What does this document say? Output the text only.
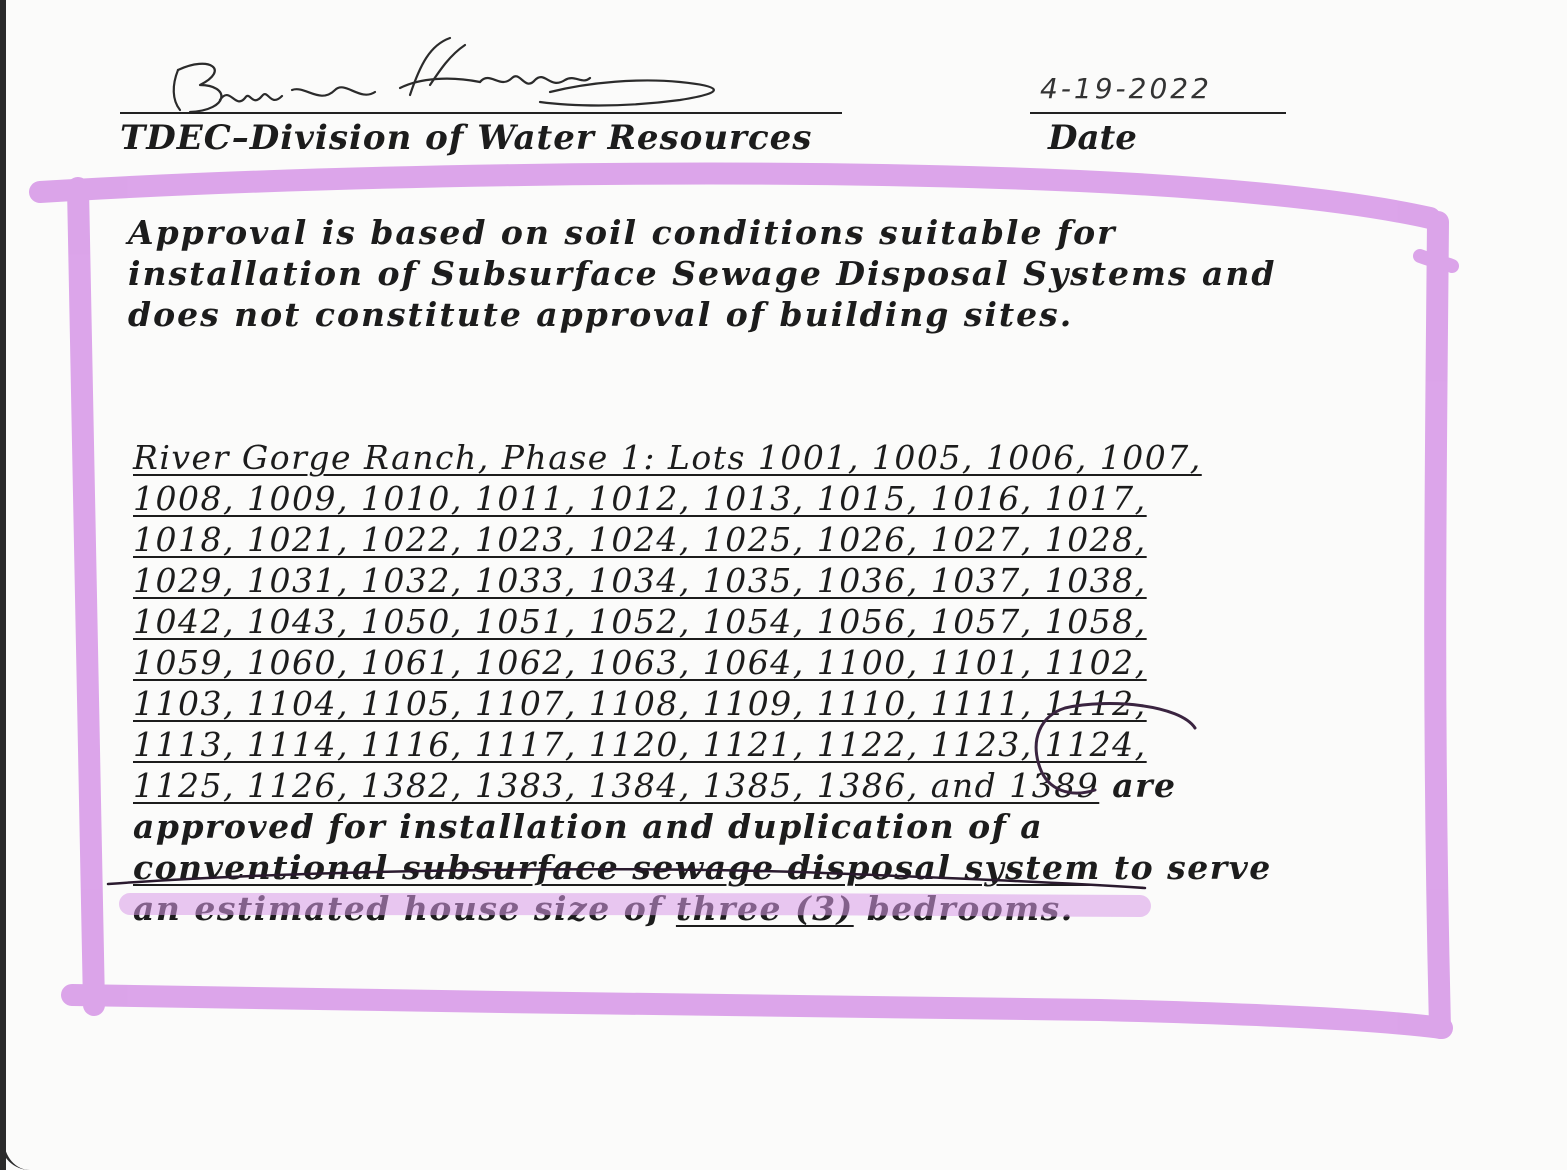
TDEC–Division of Water Resources
4-19-2022
Date
Approval is based on soil conditions suitable for
installation of Subsurface Sewage Disposal Systems and
does not constitute approval of building sites.
River Gorge Ranch, Phase 1: Lots 1001, 1005, 1006, 1007,
1008, 1009, 1010, 1011, 1012, 1013, 1015, 1016, 1017,
1018, 1021, 1022, 1023, 1024, 1025, 1026, 1027, 1028,
1029, 1031, 1032, 1033, 1034, 1035, 1036, 1037, 1038,
1042, 1043, 1050, 1051, 1052, 1054, 1056, 1057, 1058,
1059, 1060, 1061, 1062, 1063, 1064, 1100, 1101, 1102,
1103, 1104, 1105, 1107, 1108, 1109, 1110, 1111, 1112,
1113, 1114, 1116, 1117, 1120, 1121, 1122, 1123, 1124,
1125, 1126, 1382, 1383, 1384, 1385, 1386, and 1389 are
approved for installation and duplication of a
conventional subsurface sewage disposal system to serve
an estimated house size of three (3) bedrooms.
